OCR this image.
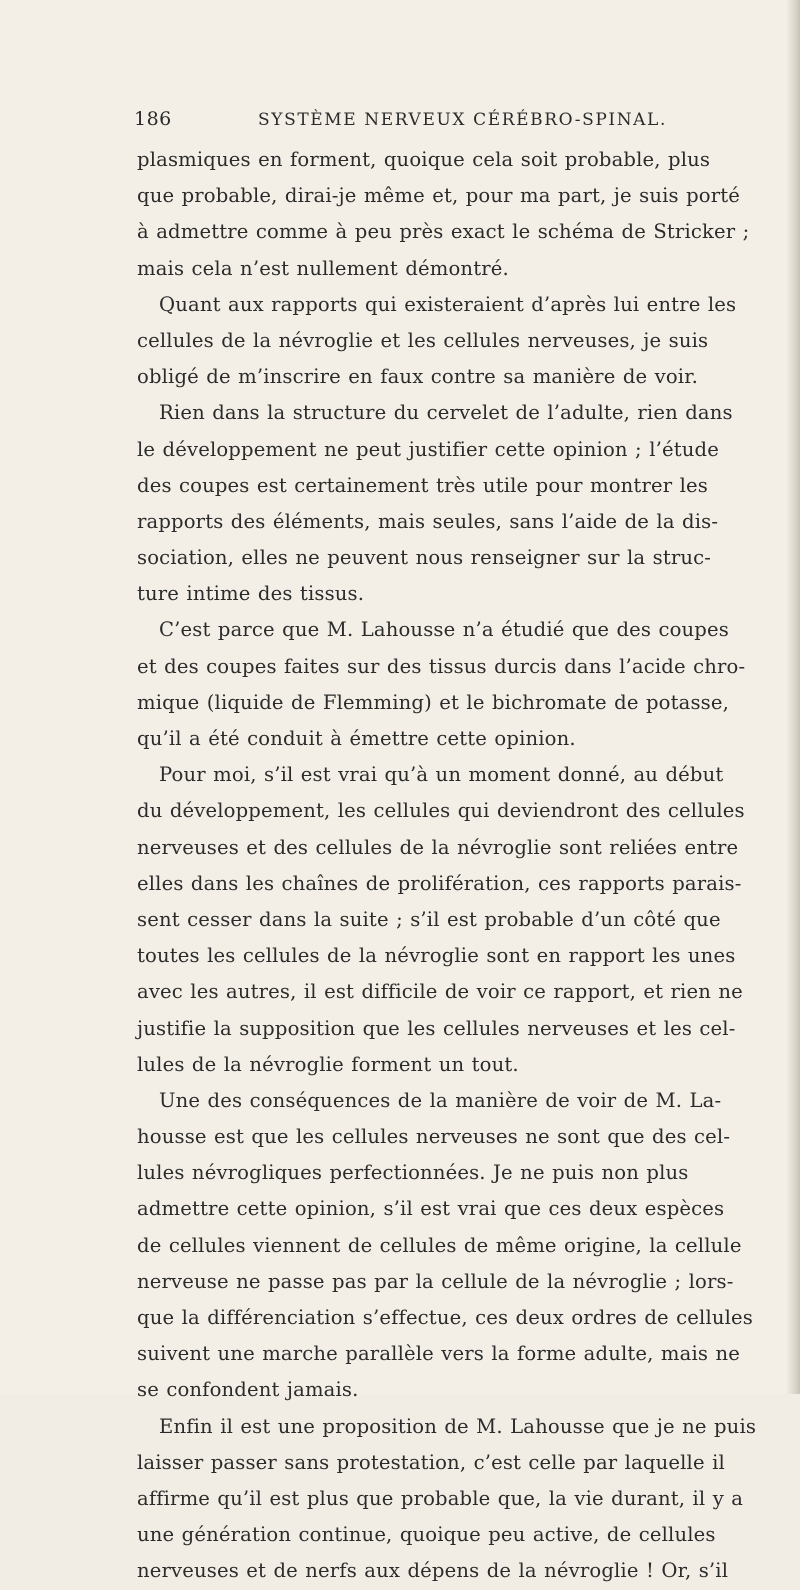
186	SYSTÈME NERVEUX CÉRÉBRO-SPINAL.
plasmiques en forment, quoique cela soit probable, plus
que probable, dirai-je même et, pour ma part, je suis porté
à admettre comme à peu près exact le schéma de Stricker ;
mais cela n’est nullement démontré.
Quant aux rapports qui existeraient d’après lui entre les
cellules de la névroglie et les cellules nerveuses, je suis
obligé de m’inscrire en faux contre sa manière de voir.
Rien dans la structure du cervelet de l’adulte, rien dans
le développement ne peut justifier cette opinion ; l’étude
des coupes est certainement très utile pour montrer les
rapports des éléments, mais seules, sans l’aide de la dis-
sociation, elles ne peuvent nous renseigner sur la struc-
ture intime des tissus.
C’est parce que M. Lahousse n’a étudié que des coupes
et des coupes faites sur des tissus durcis dans l’acide chro-
mique (liquide de Flemming) et le bichromate de potasse,
qu’il a été conduit à émettre cette opinion.
Pour moi, s’il est vrai qu’à un moment donné, au début
du développement, les cellules qui deviendront des cellules
nerveuses et des cellules de la névroglie sont reliées entre
elles dans les chaînes de prolifération, ces rapports parais-
sent cesser dans la suite ; s’il est probable d’un côté que
toutes les cellules de la névroglie sont en rapport les unes
avec les autres, il est difficile de voir ce rapport, et rien ne
justifie la supposition que les cellules nerveuses et les cel-
lules de la névroglie forment un tout.
Une des conséquences de la manière de voir de M. La-
housse est que les cellules nerveuses ne sont que des cel-
lules névrogliques perfectionnées. Je ne puis non plus
admettre cette opinion, s’il est vrai que ces deux espèces
de cellules viennent de cellules de même origine, la cellule
nerveuse ne passe pas par la cellule de la névroglie ; lors-
que la différenciation s’effectue, ces deux ordres de cellules
suivent une marche parallèle vers la forme adulte, mais ne
se confondent jamais.
Enfin il est une proposition de M. Lahousse que je ne puis
laisser passer sans protestation, c’est celle par laquelle il
affirme qu’il est plus que probable que, la vie durant, il y a
une génération continue, quoique peu active, de cellules
nerveuses et de nerfs aux dépens de la névroglie ! Or, s’il
